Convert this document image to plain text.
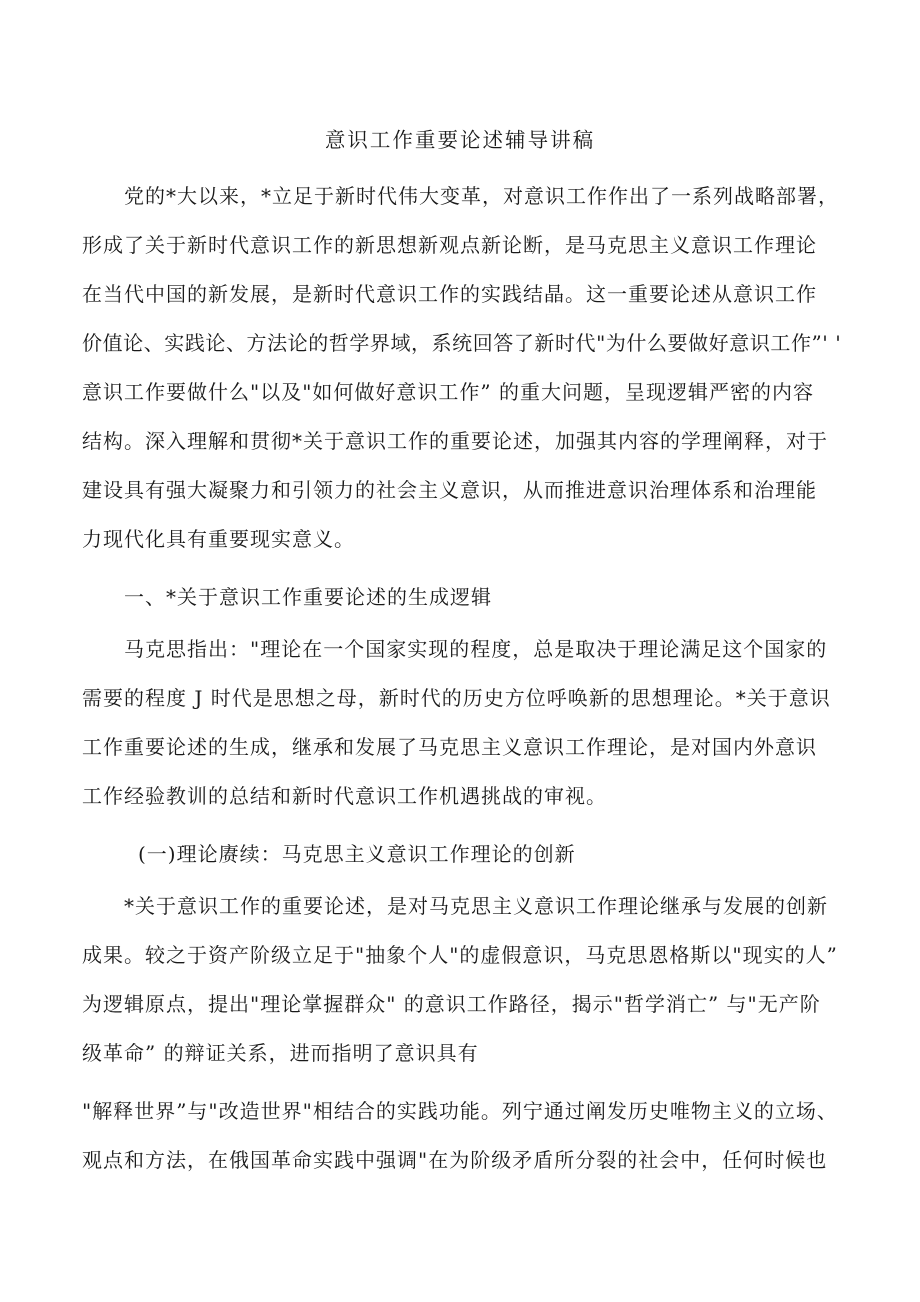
意识工作重要论述辅导讲稿
党的*大以来，*立足于新时代伟大变革，对意识工作作出了一系列战略部署，
形成了关于新时代意识工作的新思想新观点新论断，是马克思主义意识工作理论
在当代中国的新发展，是新时代意识工作的实践结晶。这一重要论述从意识工作
价值论、实践论、方法论的哲学界域，系统回答了新时代"为什么要做好意识工作”' '
意识工作要做什么"以及"如何做好意识工作” 的重大问题，呈现逻辑严密的内容
结构。深入理解和贯彻*关于意识工作的重要论述，加强其内容的学理阐释，对于
建设具有强大凝聚力和引领力的社会主义意识，从而推进意识治理体系和治理能
力现代化具有重要现实意义。
一、*关于意识工作重要论述的生成逻辑
马克思指出："理论在一个国家实现的程度，总是取决于理论满足这个国家的
需要的程度 J 时代是思想之母，新时代的历史方位呼唤新的思想理论。*关于意识
工作重要论述的生成，继承和发展了马克思主义意识工作理论，是对国内外意识
工作经验教训的总结和新时代意识工作机遇挑战的审视。
(一)理论赓续：马克思主义意识工作理论的创新
*关于意识工作的重要论述，是对马克思主义意识工作理论继承与发展的创新
成果。较之于资产阶级立足于"抽象个人"的虚假意识，马克思恩格斯以"现实的人”
为逻辑原点，提出"理论掌握群众" 的意识工作路径，揭示"哲学消亡” 与"无产阶
级革命” 的辩证关系，进而指明了意识具有
"解释世界”与"改造世界"相结合的实践功能。列宁通过阐发历史唯物主义的立场、
观点和方法，在俄国革命实践中强调"在为阶级矛盾所分裂的社会中，任何时候也
